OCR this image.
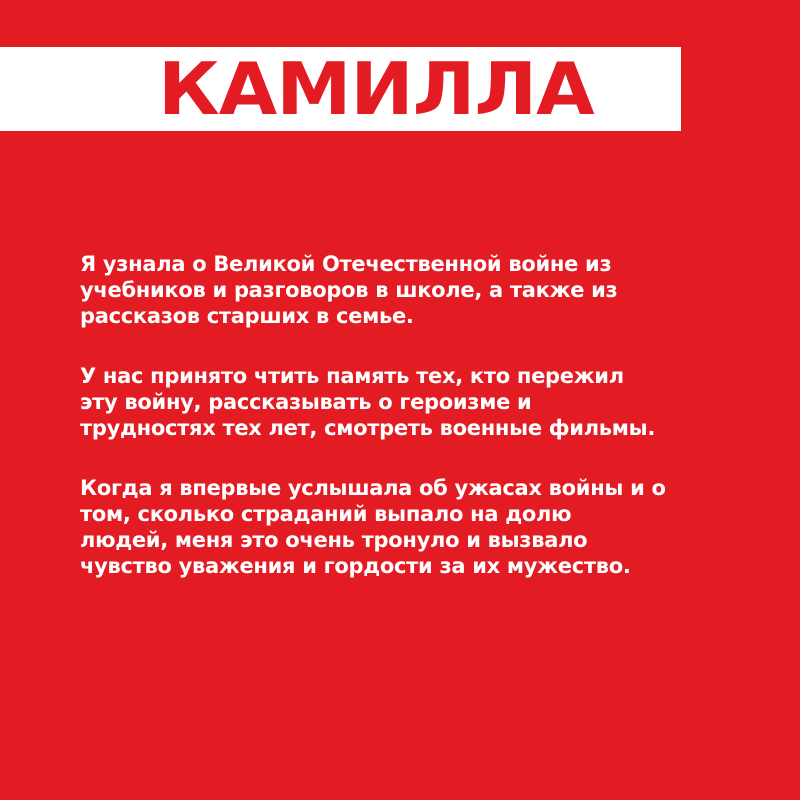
КАМИЛЛА

Я узнала о Великой Отечественной войне из
учебников и разговоров в школе, а также из
рассказов старших в семье.

У нас принято чтить память тех, кто пережил
эту войну, рассказывать о героизме и
трудностях тех лет, смотреть военные фильмы.

Когда я впервые услышала об ужасах войны и о
том, сколько страданий выпало на долю
людей, меня это очень тронуло и вызвало
чувство уважения и гордости за их мужество.
